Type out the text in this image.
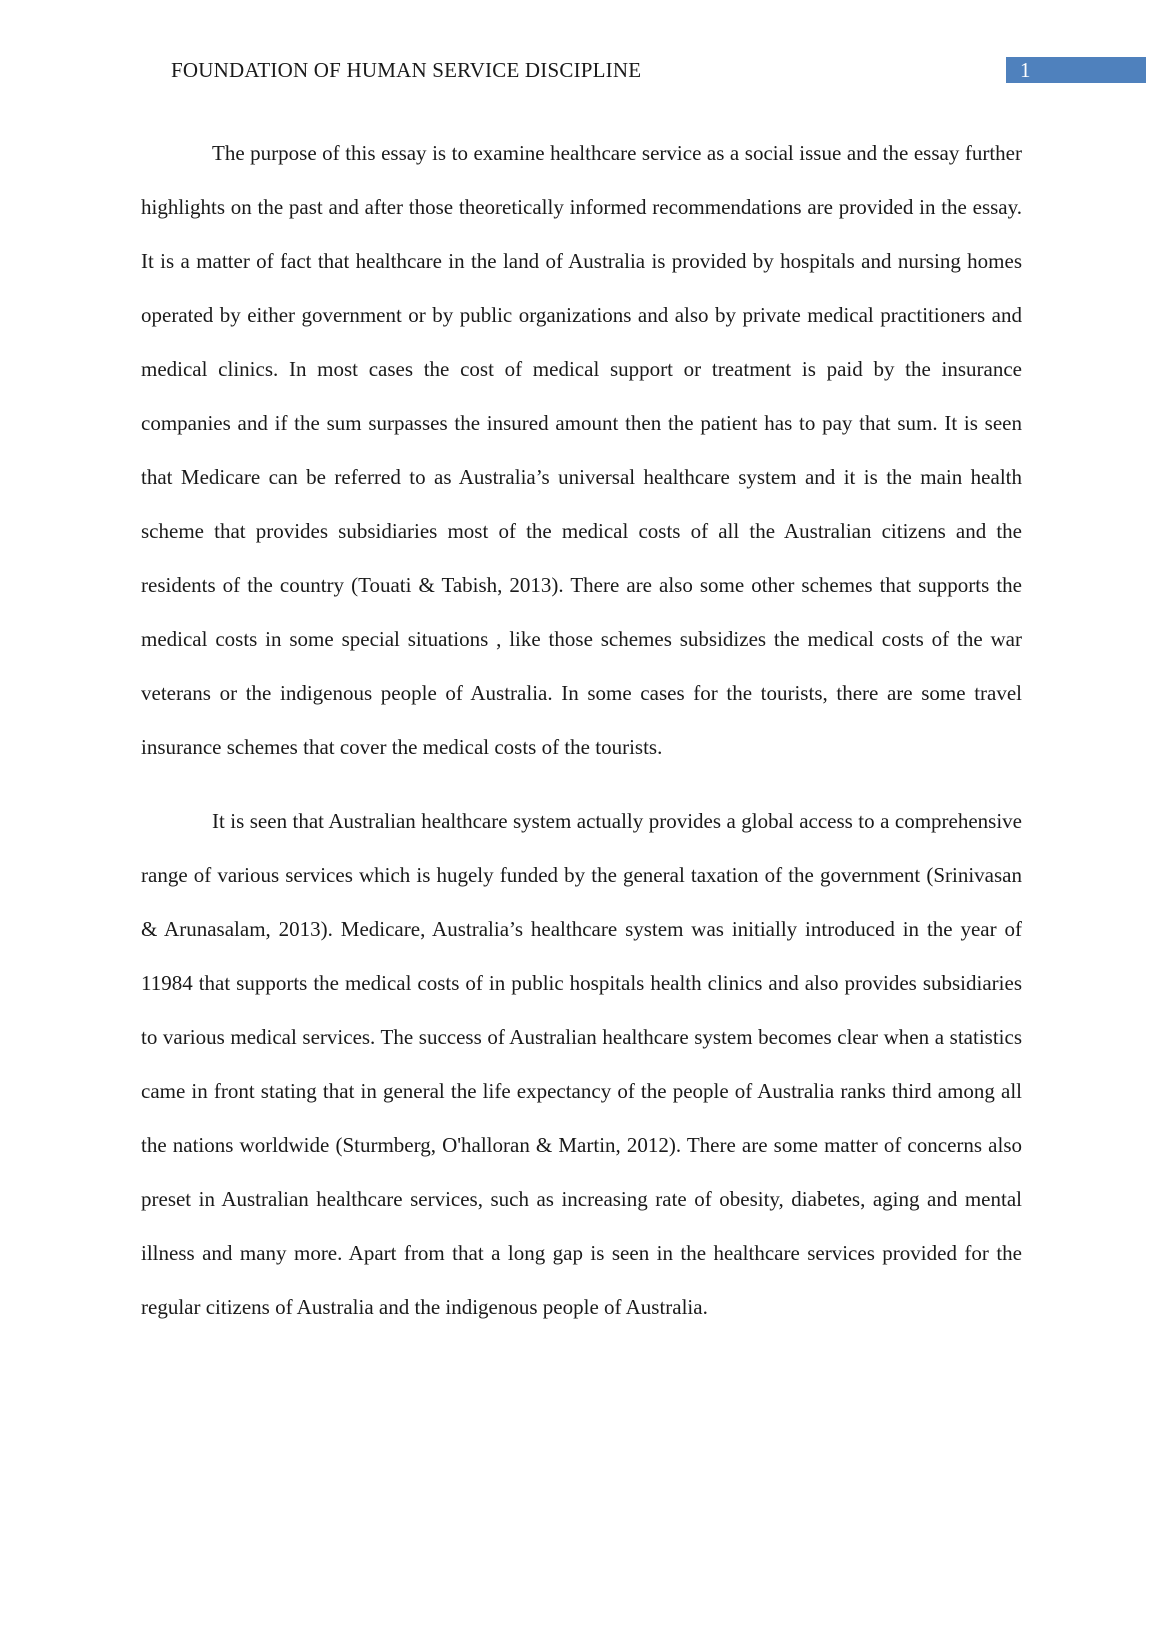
FOUNDATION OF HUMAN SERVICE DISCIPLINE	1

The purpose of this essay is to examine healthcare service as a social issue and the essay further highlights on the past and after those theoretically informed recommendations are provided in the essay. It is a matter of fact that healthcare in the land of Australia is provided by hospitals and nursing homes operated by either government or by public organizations and also by private medical practitioners and medical clinics. In most cases the cost of medical support or treatment is paid by the insurance companies and if the sum surpasses the insured amount then the patient has to pay that sum. It is seen that Medicare can be referred to as Australia’s universal healthcare system and it is the main health scheme that provides subsidiaries most of the medical costs of all the Australian citizens and the residents of the country (Touati & Tabish, 2013). There are also some other schemes that supports the medical costs in some special situations , like those schemes subsidizes the medical costs of the war veterans or the indigenous people of Australia. In some cases for the tourists, there are some travel insurance schemes that cover the medical costs of the tourists.

It is seen that Australian healthcare system actually provides a global access to a comprehensive range of various services which is hugely funded by the general taxation of the government (Srinivasan & Arunasalam, 2013). Medicare, Australia’s healthcare system was initially introduced in the year of 11984 that supports the medical costs of in public hospitals health clinics and also provides subsidiaries to various medical services. The success of Australian healthcare system becomes clear when a statistics came in front stating that in general the life expectancy of the people of Australia ranks third among all the nations worldwide (Sturmberg, O'halloran & Martin, 2012). There are some matter of concerns also preset in Australian healthcare services, such as increasing rate of obesity, diabetes, aging and mental illness and many more. Apart from that a long gap is seen in the healthcare services provided for the regular citizens of Australia and the indigenous people of Australia.
